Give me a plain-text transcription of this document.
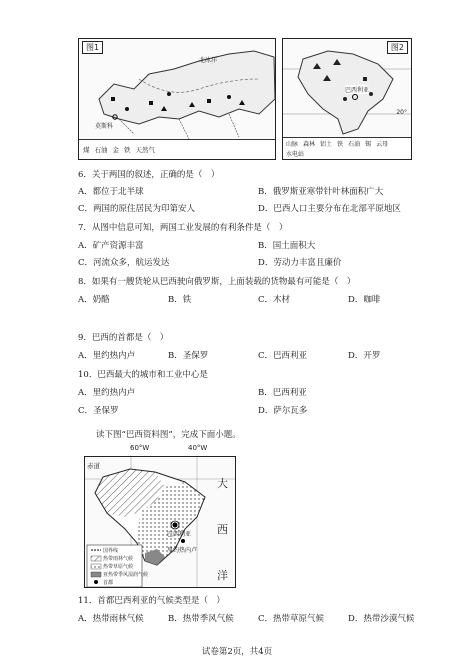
图1
北冰洋
莫斯科
煤 石油 金 铁 天然气
图2
巴西利亚
20°
山脉 森林 铝土 铁 石油 锡 云母
水电站
6．关于两国的叙述，正确的是（　）
A．都位于北半球	B．俄罗斯亚寒带针叶林面积广大
C．两国的原住居民为印第安人	D．巴西人口主要分布在北部平原地区
7．从图中信息可知，两国工业发展的有利条件是（　）
A．矿产资源丰富	B．国土面积大
C．河流众多，航运发达	D．劳动力丰富且廉价
8．如果有一艘货轮从巴西驶向俄罗斯，上面装载的货物最有可能是（　）
A．奶酪	B．铁	C．木材	D．咖啡
9．巴西的首都是（　）
A．里约热内卢	B．圣保罗	C．巴西利亚	D．开罗
10．巴西最大的城市和工业中心是
A．里约热内卢	B．巴西利亚
C．圣保罗	D．萨尔瓦多
读下图“巴西资料图”，完成下面小题。
60°W	40°W
赤道
巴西利亚
里约热内卢
国界线
热带雨林气候
热带草原气候
亚热带季风湿润气候
首都
大
西
洋
11．首都巴西利亚的气候类型是（　）
A．热带雨林气候	B．热带季风气候	C．热带草原气候	D．热带沙漠气候
试卷第2页，共4页
